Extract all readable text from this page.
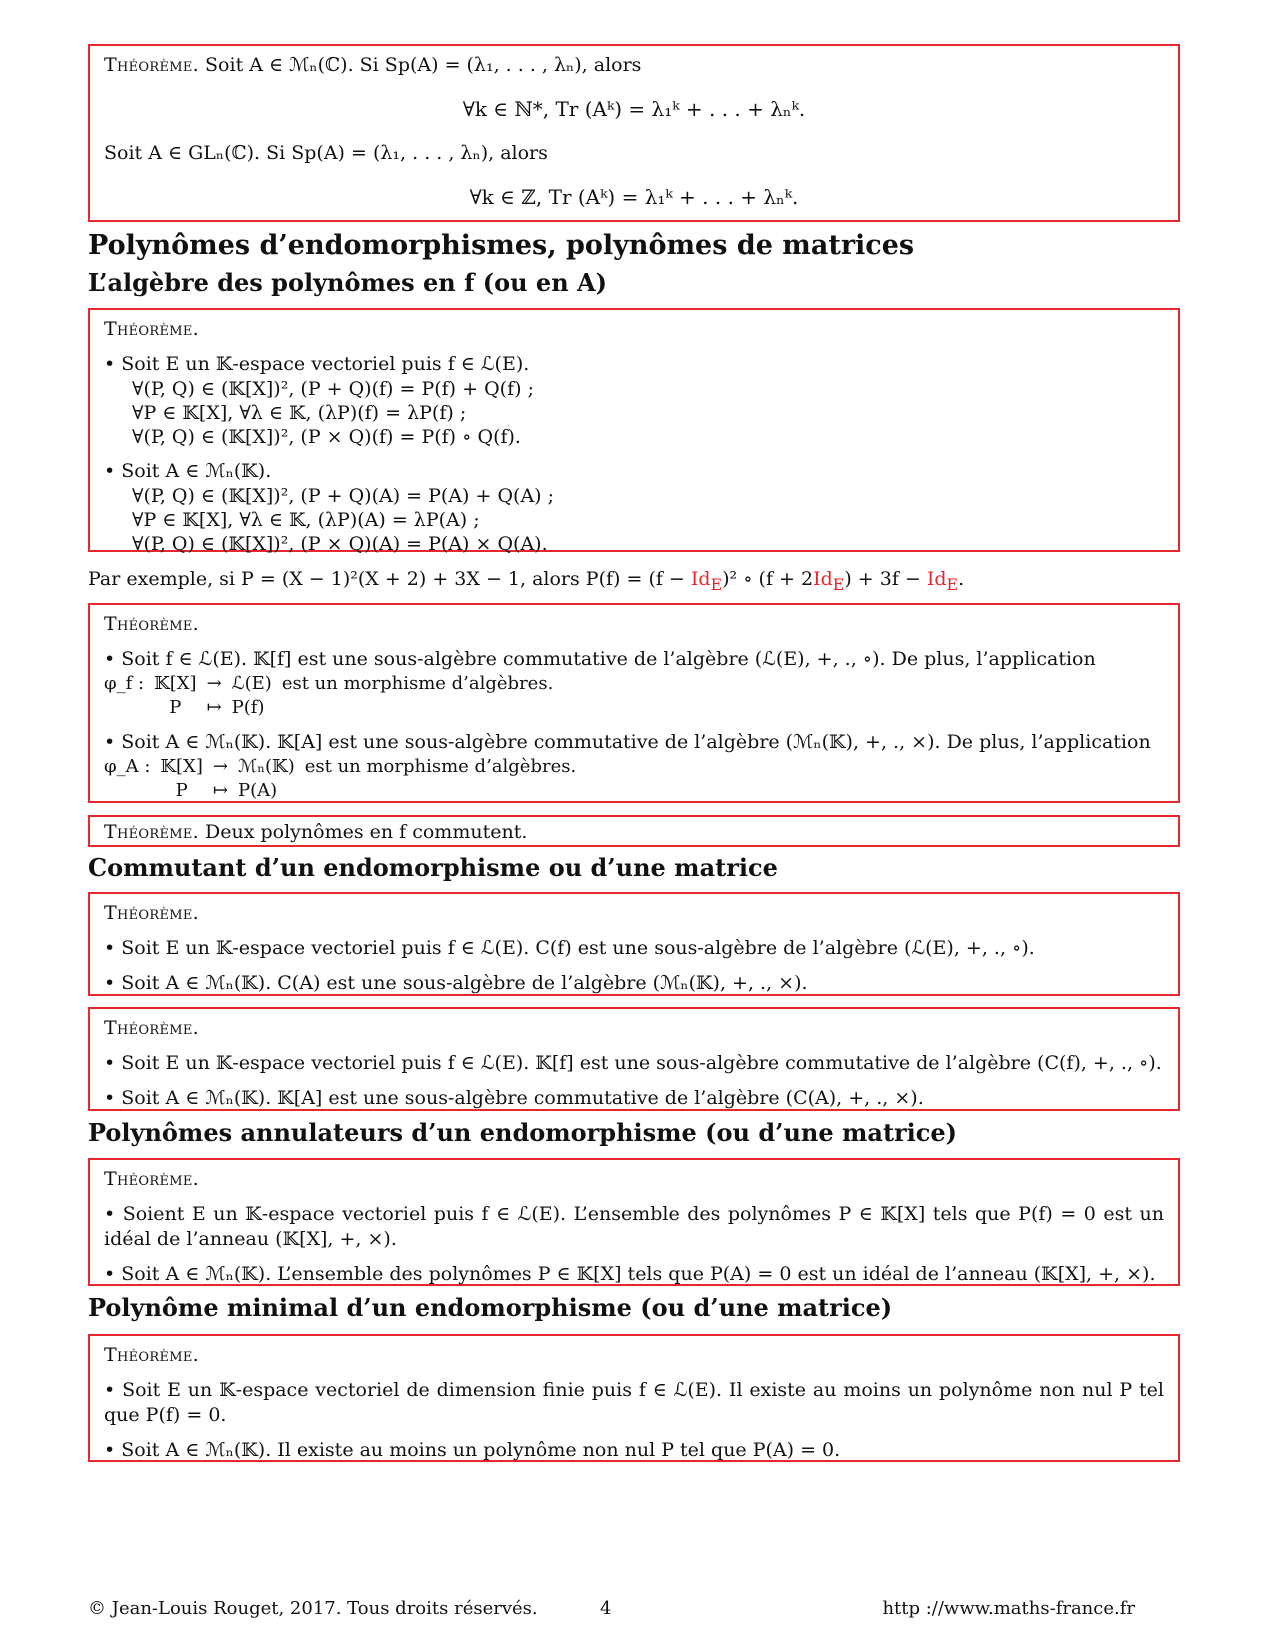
Théorème. Soit A ∈ ℳₙ(ℂ). Si Sp(A) = (λ₁, . . . , λₙ), alors
∀k ∈ ℕ*, Tr (Aᵏ) = λ₁ᵏ + . . . + λₙᵏ.
Soit A ∈ GLₙ(ℂ). Si Sp(A) = (λ₁, . . . , λₙ), alors
∀k ∈ ℤ, Tr (Aᵏ) = λ₁ᵏ + . . . + λₙᵏ.
Polynômes d’endomorphismes, polynômes de matrices
L’algèbre des polynômes en f (ou en A)
Théorème.
• Soit E un 𝕂-espace vectoriel puis f ∈ ℒ(E).
∀(P, Q) ∈ (𝕂[X])², (P + Q)(f) = P(f) + Q(f) ;
∀P ∈ 𝕂[X], ∀λ ∈ 𝕂, (λP)(f) = λP(f) ;
∀(P, Q) ∈ (𝕂[X])², (P × Q)(f) = P(f) ∘ Q(f).
• Soit A ∈ ℳₙ(𝕂).
∀(P, Q) ∈ (𝕂[X])², (P + Q)(A) = P(A) + Q(A) ;
∀P ∈ 𝕂[X], ∀λ ∈ 𝕂, (λP)(A) = λP(A) ;
∀(P, Q) ∈ (𝕂[X])², (P × Q)(A) = P(A) × Q(A).
Par exemple, si P = (X − 1)²(X + 2) + 3X − 1, alors $P(f) = (f - Id_E)^2$ ∘ $(f + 2Id_E) + 3f - Id_E$.
Théorème.
• Soit f ∈ ℒ(E). 𝕂[f] est une sous-algèbre commutative de l’algèbre (ℒ(E), +, ., ∘). De plus, l’application
φ_f :	𝕂[X]	→	ℒ(E)	est un morphisme d’algèbres.
	P	↦	P(f)	
• Soit A ∈ ℳₙ(𝕂). 𝕂[A] est une sous-algèbre commutative de l’algèbre (ℳₙ(𝕂), +, ., ×). De plus, l’application
φ_A :	𝕂[X]	→	ℳₙ(𝕂)	est un morphisme d’algèbres.
	P	↦	P(A)	
Théorème. Deux polynômes en f commutent.
Commutant d’un endomorphisme ou d’une matrice
Théorème.
• Soit E un 𝕂-espace vectoriel puis f ∈ ℒ(E). C(f) est une sous-algèbre de l’algèbre (ℒ(E), +, ., ∘).
• Soit A ∈ ℳₙ(𝕂). C(A) est une sous-algèbre de l’algèbre (ℳₙ(𝕂), +, ., ×).
Théorème.
• Soit E un 𝕂-espace vectoriel puis f ∈ ℒ(E). 𝕂[f] est une sous-algèbre commutative de l’algèbre (C(f), +, ., ∘).
• Soit A ∈ ℳₙ(𝕂). 𝕂[A] est une sous-algèbre commutative de l’algèbre (C(A), +, ., ×).
Polynômes annulateurs d’un endomorphisme (ou d’une matrice)
Théorème.
• Soient E un 𝕂-espace vectoriel puis f ∈ ℒ(E). L’ensemble des polynômes P ∈ 𝕂[X] tels que P(f) = 0 est un idéal de l’anneau (𝕂[X], +, ×).
• Soit A ∈ ℳₙ(𝕂). L’ensemble des polynômes P ∈ 𝕂[X] tels que P(A) = 0 est un idéal de l’anneau (𝕂[X], +, ×).
Polynôme minimal d’un endomorphisme (ou d’une matrice)
Théorème.
• Soit E un 𝕂-espace vectoriel de dimension finie puis f ∈ ℒ(E). Il existe au moins un polynôme non nul P tel que P(f) = 0.
• Soit A ∈ ℳₙ(𝕂). Il existe au moins un polynôme non nul P tel que P(A) = 0.
© Jean-Louis Rouget, 2017. Tous droits réservés.	4	http ://www.maths-france.fr
